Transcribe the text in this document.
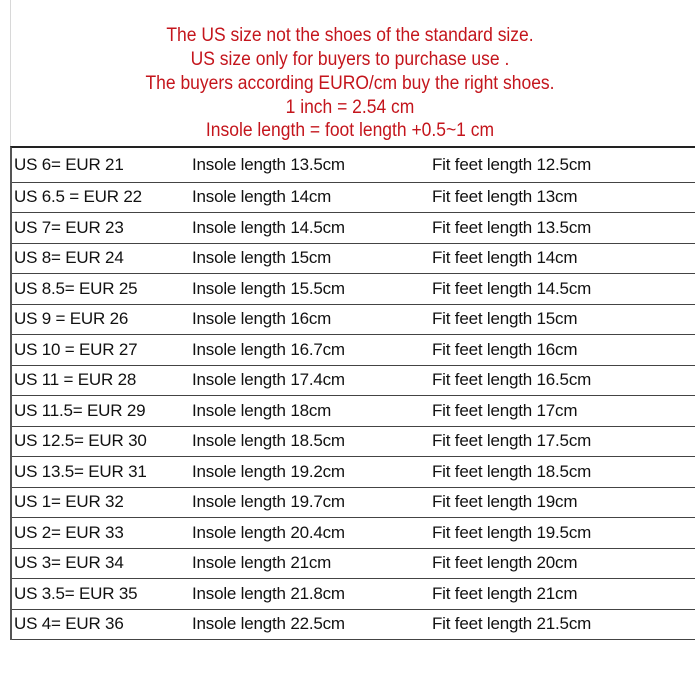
The US size not the shoes of the standard size.
US size only for buyers to purchase use .
The buyers according EURO/cm buy the right shoes.
1 inch = 2.54 cm
Insole length = foot length +0.5~1 cm
US 6= EUR 21	Insole length 13.5cm	Fit feet length 12.5cm
US 6.5 = EUR 22	Insole length 14cm	Fit feet length 13cm
US 7= EUR 23	Insole length 14.5cm	Fit feet length 13.5cm
US 8= EUR 24	Insole length 15cm	Fit feet length 14cm
US 8.5= EUR 25	Insole length 15.5cm	Fit feet length 14.5cm
US 9 = EUR 26	Insole length 16cm	Fit feet length 15cm
US 10 = EUR 27	Insole length 16.7cm	Fit feet length 16cm
US 11 = EUR 28	Insole length 17.4cm	Fit feet length 16.5cm
US 11.5= EUR 29	Insole length 18cm	Fit feet length 17cm
US 12.5= EUR 30	Insole length 18.5cm	Fit feet length 17.5cm
US 13.5= EUR 31	Insole length 19.2cm	Fit feet length 18.5cm
US 1= EUR 32	Insole length 19.7cm	Fit feet length 19cm
US 2= EUR 33	Insole length 20.4cm	Fit feet length 19.5cm
US 3= EUR 34	Insole length 21cm	Fit feet length 20cm
US 3.5= EUR 35	Insole length 21.8cm	Fit feet length 21cm
US 4= EUR 36	Insole length 22.5cm	Fit feet length 21.5cm
